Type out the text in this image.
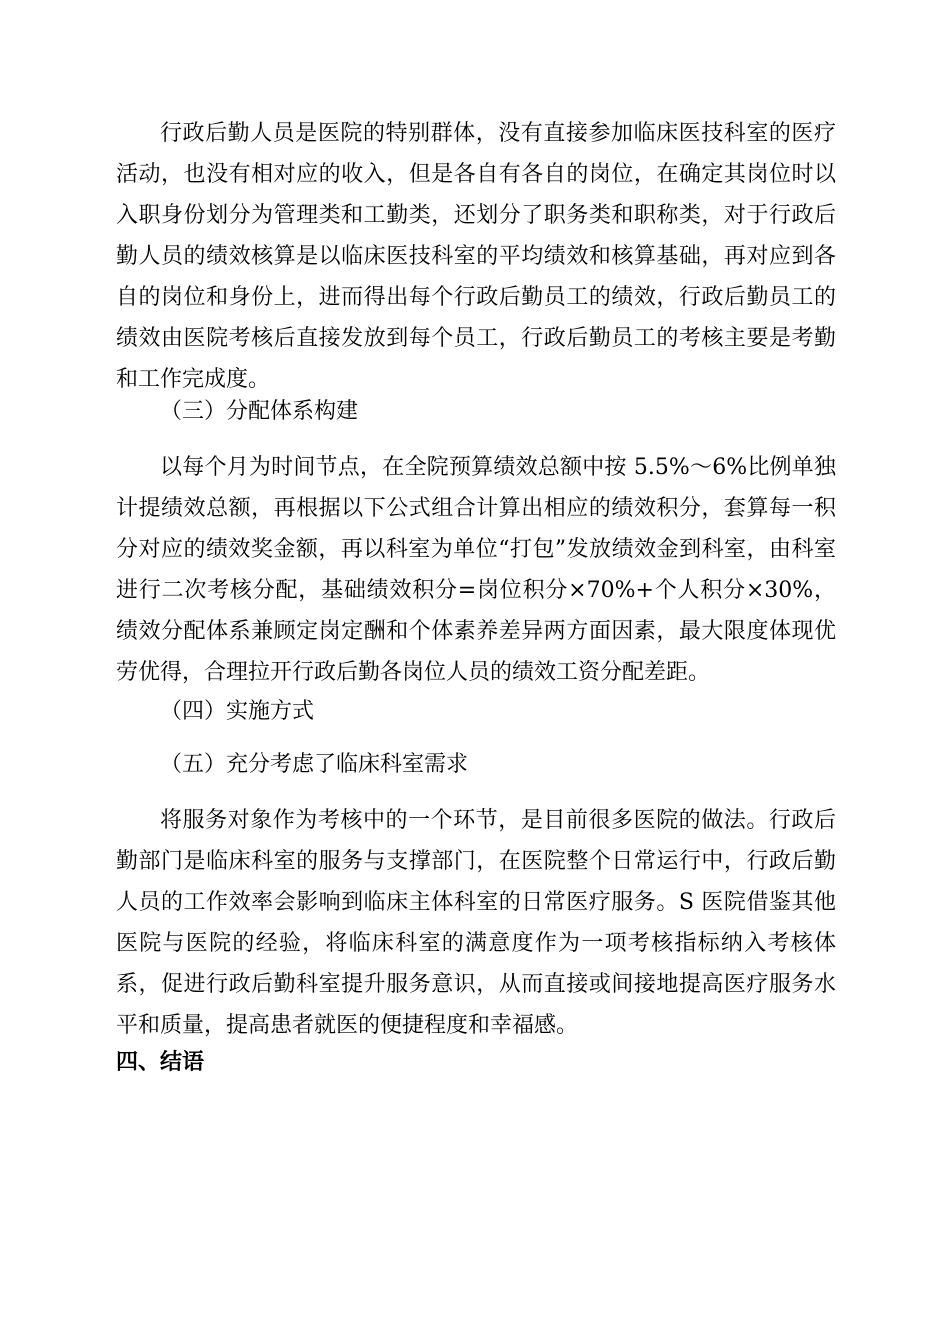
行政后勤人员是医院的特别群体，没有直接参加临床医技科室的医疗活动，也没有相对应的收入，但是各自有各自的岗位，在确定其岗位时以入职身份划分为管理类和工勤类，还划分了职务类和职称类，对于行政后勤人员的绩效核算是以临床医技科室的平均绩效和核算基础，再对应到各自的岗位和身份上，进而得出每个行政后勤员工的绩效，行政后勤员工的绩效由医院考核后直接发放到每个员工，行政后勤员工的考核主要是考勤和工作完成度。

（三）分配体系构建

以每个月为时间节点，在全院预算绩效总额中按 5.5%～6%比例单独计提绩效总额，再根据以下公式组合计算出相应的绩效积分，套算每一积分对应的绩效奖金额，再以科室为单位“打包”发放绩效金到科室，由科室进行二次考核分配，基础绩效积分=岗位积分×70%+个人积分×30%，绩效分配体系兼顾定岗定酬和个体素养差异两方面因素，最大限度体现优劳优得，合理拉开行政后勤各岗位人员的绩效工资分配差距。

（四）实施方式

（五）充分考虑了临床科室需求

将服务对象作为考核中的一个环节，是目前很多医院的做法。行政后勤部门是临床科室的服务与支撑部门，在医院整个日常运行中，行政后勤人员的工作效率会影响到临床主体科室的日常医疗服务。S 医院借鉴其他医院与医院的经验，将临床科室的满意度作为一项考核指标纳入考核体系，促进行政后勤科室提升服务意识，从而直接或间接地提高医疗服务水平和质量，提高患者就医的便捷程度和幸福感。

四、结语
